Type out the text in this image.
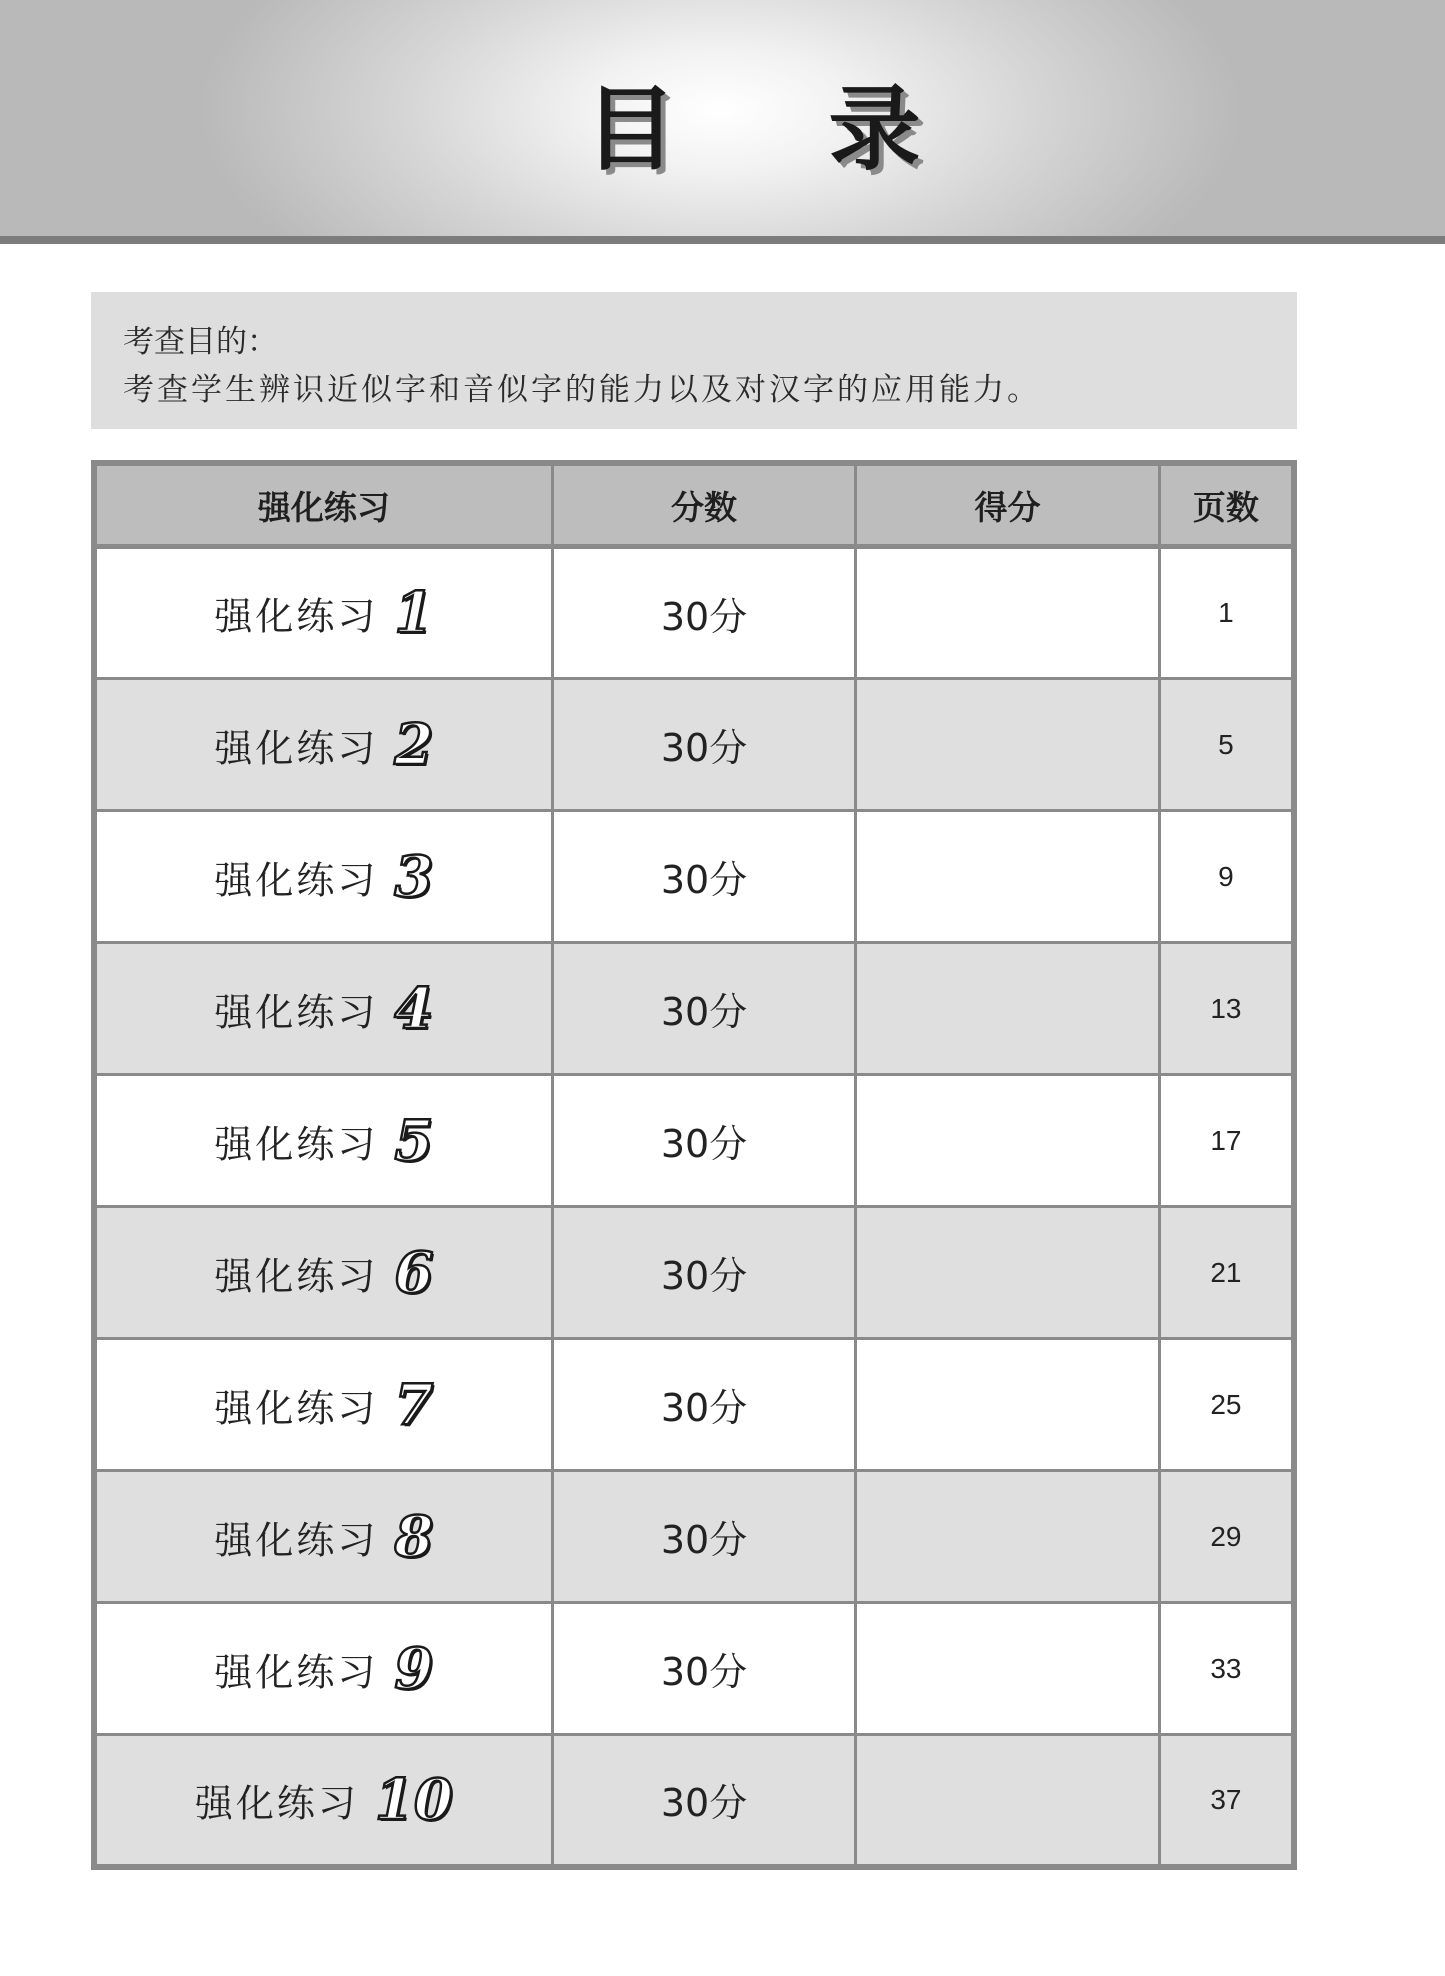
目 录
考查目的：
考查学生辨识近似字和音似字的能力以及对汉字的应用能力。
强化练习	分数	得分	页数
强化练习 1	30分		1
强化练习 2	30分		5
强化练习 3	30分		9
强化练习 4	30分		13
强化练习 5	30分		17
强化练习 6	30分		21
强化练习 7	30分		25
强化练习 8	30分		29
强化练习 9	30分		33
强化练习 10	30分		37
